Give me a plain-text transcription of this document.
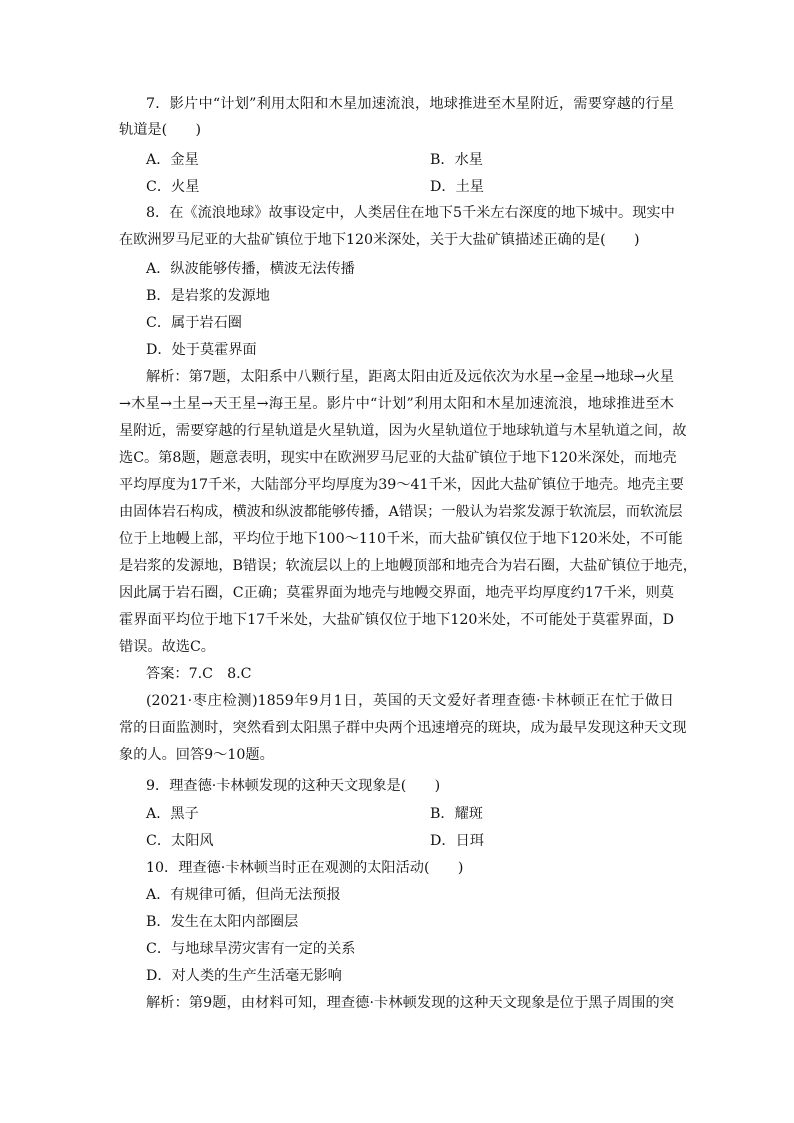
7．影片中“计划”利用太阳和木星加速流浪，地球推进至木星附近，需要穿越的行星
轨道是(　　)
A．金星	B．水星
C．火星	D．土星
8．在《流浪地球》故事设定中，人类居住在地下5千米左右深度的地下城中。现实中
在欧洲罗马尼亚的大盐矿镇位于地下120米深处，关于大盐矿镇描述正确的是(　　)
A．纵波能够传播，横波无法传播
B．是岩浆的发源地
C．属于岩石圈
D．处于莫霍界面
解析：第7题，太阳系中八颗行星，距离太阳由近及远依次为水星→金星→地球→火星
→木星→土星→天王星→海王星。影片中“计划”利用太阳和木星加速流浪，地球推进至木
星附近，需要穿越的行星轨道是火星轨道，因为火星轨道位于地球轨道与木星轨道之间，故
选C。第8题，题意表明，现实中在欧洲罗马尼亚的大盐矿镇位于地下120米深处，而地壳
平均厚度为17千米，大陆部分平均厚度为39～41千米，因此大盐矿镇位于地壳。地壳主要
由固体岩石构成，横波和纵波都能够传播，A错误；一般认为岩浆发源于软流层，而软流层
位于上地幔上部，平均位于地下100～110千米，而大盐矿镇仅位于地下120米处，不可能
是岩浆的发源地，B错误；软流层以上的上地幔顶部和地壳合为岩石圈，大盐矿镇位于地壳，
因此属于岩石圈，C正确；莫霍界面为地壳与地幔交界面，地壳平均厚度约17千米，则莫
霍界面平均位于地下17千米处，大盐矿镇仅位于地下120米处，不可能处于莫霍界面，D
错误。故选C。
答案：7.C　8.C
(2021·枣庄检测)1859年9月1日，英国的天文爱好者理查德·卡林顿正在忙于做日
常的日面监测时，突然看到太阳黑子群中央两个迅速增亮的斑块，成为最早发现这种天文现
象的人。回答9～10题。
9．理查德·卡林顿发现的这种天文现象是(　　)
A．黑子	B．耀斑
C．太阳风	D．日珥
10．理查德·卡林顿当时正在观测的太阳活动(　　)
A．有规律可循，但尚无法预报
B．发生在太阳内部圈层
C．与地球旱涝灾害有一定的关系
D．对人类的生产生活毫无影响
解析：第9题，由材料可知，理查德·卡林顿发现的这种天文现象是位于黑子周围的突
